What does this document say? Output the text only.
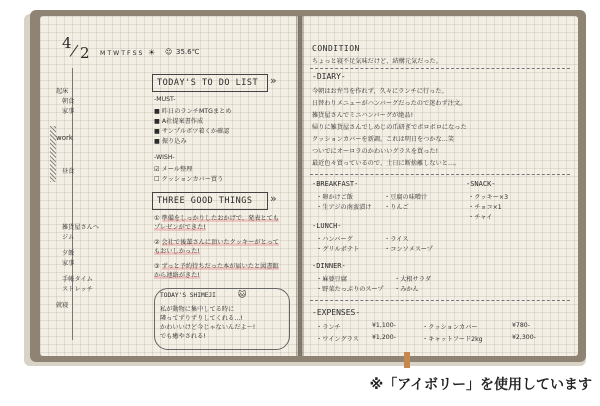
4
2 M T W T F S S ☀ ☺ 35.6℃
起床
朝食
家事
work
昼食
雑貨屋さんへ
ジム
夕飯
家事
手帳タイム
ストレッチ
就寝
TODAY'S TO DO LIST	»
-MUST-
■ 昨日のランチMTGまとめ
■ A社提案書作成
■ サンプルボツ着くか確認
■ 振り込み
-WISH-
☑ メール整理
☐ クッションカバー買う
THREE GOOD THINGS	»
① 準備をしっかりしたおかげで、発表とてもプレゼンができた!
② 会社で後輩さんに頂いたクッキーがとってもおいしかった!
③ ずっと予約待ちだった本が届いたと図書館から連絡がきた!
TODAY'S SHIMEJI	🐱
私が動物に集中してる時に
隣ってずりずりしてくれる…!
かわいいけど今じゃないんだよ〜!
でも癒やされる!
CONDITION
ちょっと寝不足気味だけど、結構元気だった。
-DIARY-
今朝はお弁当を作れず、久々にランチに行った。
日替わりメニューがハンバーグだったので迷わず注文。
雑貨屋さんでミニハンバーグが絶品!
帰りに雑貨屋さんでしめじの爪研ぎでボロボロになった
クッションカバーを新調。これは明日をつかな…笑
ついでにオーロラのかわいいグラスを買った!
最近色々買っているので、土日に断捨離しないと…。
-BREAKFAST-
・卵かけご飯	・豆腐の味噌汁
・生アジの南蛮漬け ・りんご
-SNACK-
・クッキー×3
・チョコ×1
・チャイ
-LUNCH-
・ハンバーグ	・ライス
・グリルポテト	・コンソメスープ
-DINNER-
・麻婆豆腐	・大根サラダ
・野菜たっぷりのスープ ・みかん
-EXPENSES-
・ランチ	¥1,100-	・クッションカバー	¥780-
・ワイングラス ¥1,200-	・キャットフード2kg	¥2,300-
※「アイボリー」を使用しています
